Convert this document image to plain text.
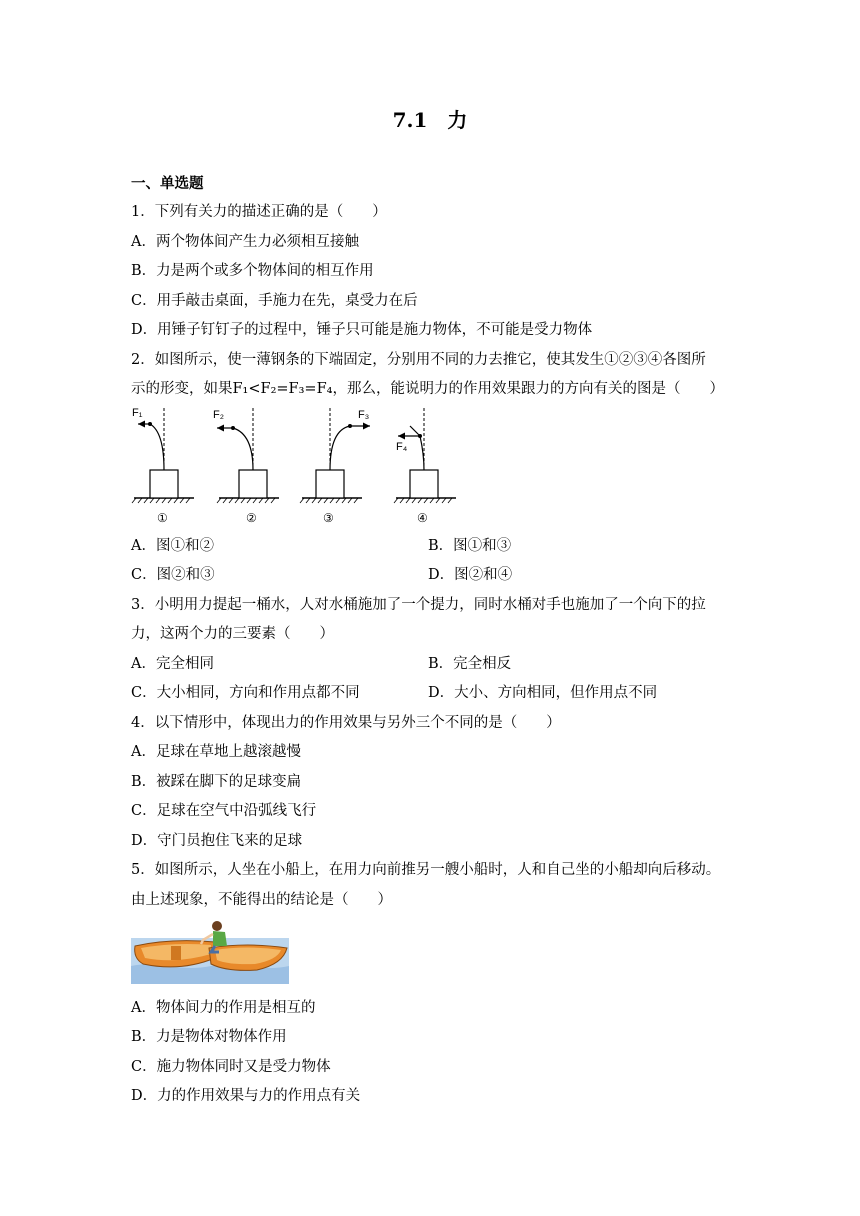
7.1　力
一、单选题
1．下列有关力的描述正确的是（　　）
A．两个物体间产生力必须相互接触
B．力是两个或多个物体间的相互作用
C．用手敲击桌面，手施力在先，桌受力在后
D．用锤子钉钉子的过程中，锤子只可能是施力物体，不可能是受力物体
2．如图所示，使一薄钢条的下端固定，分别用不同的力去推它，使其发生①②③④各图所
示的形变，如果F₁<F₂=F₃=F₄，那么，能说明力的作用效果跟力的方向有关的图是（　　）
F₁
①
F₂
②
F₃
③
F₄
④
A．图①和②	B．图①和③
C．图②和③	D．图②和④
3．小明用力提起一桶水，人对水桶施加了一个提力，同时水桶对手也施加了一个向下的拉
力，这两个力的三要素（　　）
A．完全相同	B．完全相反
C．大小相同，方向和作用点都不同	D．大小、方向相同，但作用点不同
4．以下情形中，体现出力的作用效果与另外三个不同的是（　　）
A．足球在草地上越滚越慢
B．被踩在脚下的足球变扁
C．足球在空气中沿弧线飞行
D．守门员抱住飞来的足球
5．如图所示，人坐在小船上，在用力向前推另一艘小船时，人和自己坐的小船却向后移动。
由上述现象，不能得出的结论是（　　）
A．物体间力的作用是相互的
B．力是物体对物体作用
C．施力物体同时又是受力物体
D．力的作用效果与力的作用点有关
